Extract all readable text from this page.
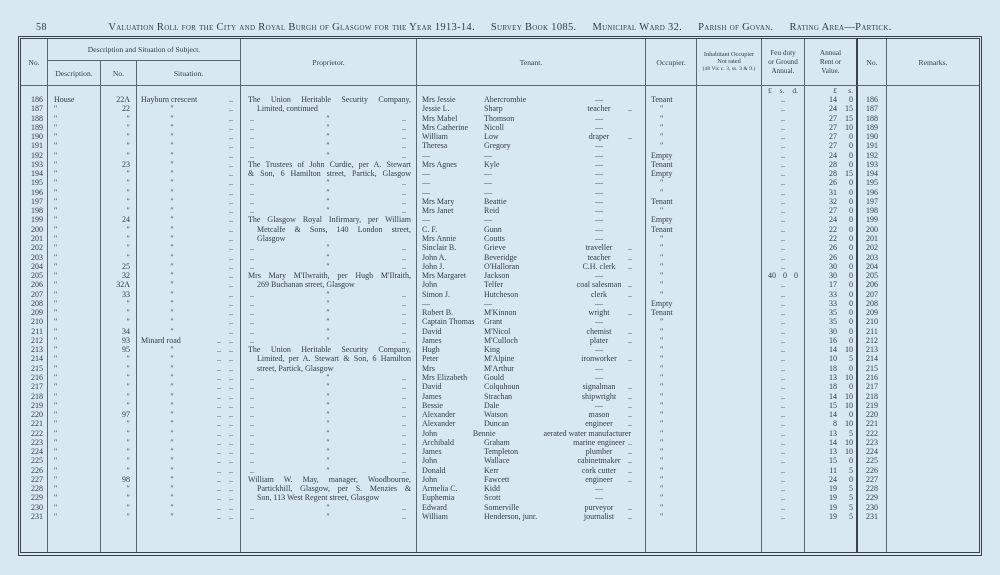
58	Valuation Roll for the City and Royal Burgh of Glasgow for the Year 1913-14. Survey Book 1085. Municipal Ward 32. Parish of Govan. Rating Area—Partick.
No.
Description and Situation of Subject.
Description.	No.	Situation.
Proprietor.	Tenant.	Occupier.
Inhabitant Occupier
Not rated
(48 Vic c. 3, ss. 3 & 9.)
Feu duty
or Ground
Annual.
Annual
Rent or
Value.
No.	Remarks.
£ s. d.	£	s.
186	House	22A	Hayburn crescent	..	The Union Heritable Security Company,	Mrs Jessie	Abercrombie	—	Tenant	..	14	0	186
187	″	22	″	..	Limited, continued	Jessie L.	Sharp	teacher	..	″	..	24	15	187
188	″	″	″	..	..	″	..	Mrs Mabel	Thomson	—	″	..	27	15	188
189	″	″	″	..	..	″	..	Mrs Catherine	Nicoll	—	″	..	27	10	189
190	″	″	″	..	..	″	..	William	Low	draper	..	″	..	27	0	190
191	″	″	″	..	..	″	..	Theresa	Gregory	—	″	..	27	0	191
192	″	″	″	..	..	″	..	—	—	—	Empty	..	24	0	192
193	″	23	″	..	The Trustees of John Curdie, per A. Stewart	Mrs Agnes	Kyle	—	Tenant	..	28	0	193
194	″	″	″	..	& Son, 6 Hamilton street, Partick, Glasgow	—	—	—	Empty	..	28	15	194
195	″	″	″	..	..	″	..	—	—	—	″	..	26	0	195
196	″	″	″	..	..	″	..	—	—	—	″	..	31	0	196
197	″	″	″	..	..	″	..	Mrs Mary	Beattie	—	Tenant	..	32	0	197
198	″	″	″	..	..	″	..	Mrs Janet	Reid	—	″	..	27	0	198
199	″	24	″	..	The Glasgow Royal Infirmary, per William	—	—	—	Empty	..	24	0	199
200	″	″	″	..	Metcalfe & Sons, 140 London street,	C. F.	Gunn	—	Tenant	..	22	0	200
201	″	″	″	..	Glasgow	Mrs Annie	Coutts	—	″	..	22	0	201
202	″	″	″	..	..	″	..	Sinclair B.	Grieve	traveller	..	″	..	26	0	202
203	″	″	″	..	..	″	..	John A.	Beveridge	teacher	..	″	..	26	0	203
204	″	25	″	..	..	″	..	John J.	O'Halloran	C.H. clerk	..	″	..	30	0	204
205	″	32	″	..	Mrs Mary M'Ilwraith, per Hugh M'Ilraith,	Mrs Margaret	Jackson	—	″	40 0 0	30	0	205
206	″	32A	″	..	269 Buchanan street, Glasgow	John	Telfer	coal salesman ..	″	..	17	0	206
207	″	33	″	..	..	″	..	Simon J.	Hutcheson	clerk	..	″	..	33	0	207
208	″	″	″	..	..	″	..	—	—	—	Empty	..	33	0	208
209	″	″	″	..	..	″	..	Robert B.	M'Kinnon	wright	..	Tenant	..	35	0	209
210	″	″	″	..	..	″	..	Captain Thomas	Grant	—	″	..	35	0	210
211	″	34	″	..	..	″	..	David	M'Nicol	chemist	..	″	..	30	0	211
212	″	93	Minard road	.. ..	..	″	..	James	M'Culloch	plater	..	″	..	16	0	212
213	″	95	″	.. ..	The Union Heritable Security Company,	Hugh	King	—	″	..	14	10	213
214	″	″	″	.. ..	Limited, per A. Stewart & Son, 6 Hamilton	Peter	M'Alpine	ironworker	..	″	..	10	5	214
215	″	″	″	.. ..	street, Partick, Glasgow	Mrs	M'Arthur	—	″	..	18	0	215
216	″	″	″	.. ..	..	″	..	Mrs Elizabeth	Gould	—	″	..	13	10	216
217	″	″	″	.. ..	..	″	..	David	Colquhoun	signalman	..	″	..	18	0	217
218	″	″	″	.. ..	..	″	..	James	Strachan	shipwright	..	″	..	14	10	218
219	″	″	″	.. ..	..	″	..	Bessie	Dale	—	..	″	..	15	10	219
220	″	97	″	.. ..	..	″	..	Alexander	Watson	mason	..	″	..	14	0	220
221	″	″	″	.. ..	..	″	..	Alexander	Duncan	engineer	..	″	..	8	10	221
222	″	″	″	.. ..	..	″	..	John	Bennie	aerated water manufacturer	″	..	13	5	222
223	″	″	″	.. ..	..	″	..	Archibald	Graham	marine engineer ..	″	..	14	10	223
224	″	″	″	.. ..	..	″	..	James	Templeton	plumber	..	″	..	13	10	224
225	″	″	″	.. ..	..	″	..	John	Wallace	cabinetmaker ..	″	..	15	0	225
226	″	″	″	.. ..	..	″	..	Donald	Kerr	cork cutter	..	″	..	11	5	226
227	″	98	″	.. ..	William W. May, manager, Woodbourne,	John	Fawcett	engineer	..	″	..	24	0	227
228	″	″	″	.. ..	Partickhill, Glasgow, per S. Menzies &	Armelia C.	Kidd	—	″	..	19	5	228
229	″	″	″	.. ..	Son, 113 West Regent street, Glasgow	Euphemia	Scott	—	″	..	19	5	229
230	″	″	″	.. ..	..	″	..	Edward	Somerville	purveyor	..	″	..	19	5	230
231	″	″	″	.. ..	..	″	..	William	Henderson, junr.	journalist	..	″	..	19	5	231
